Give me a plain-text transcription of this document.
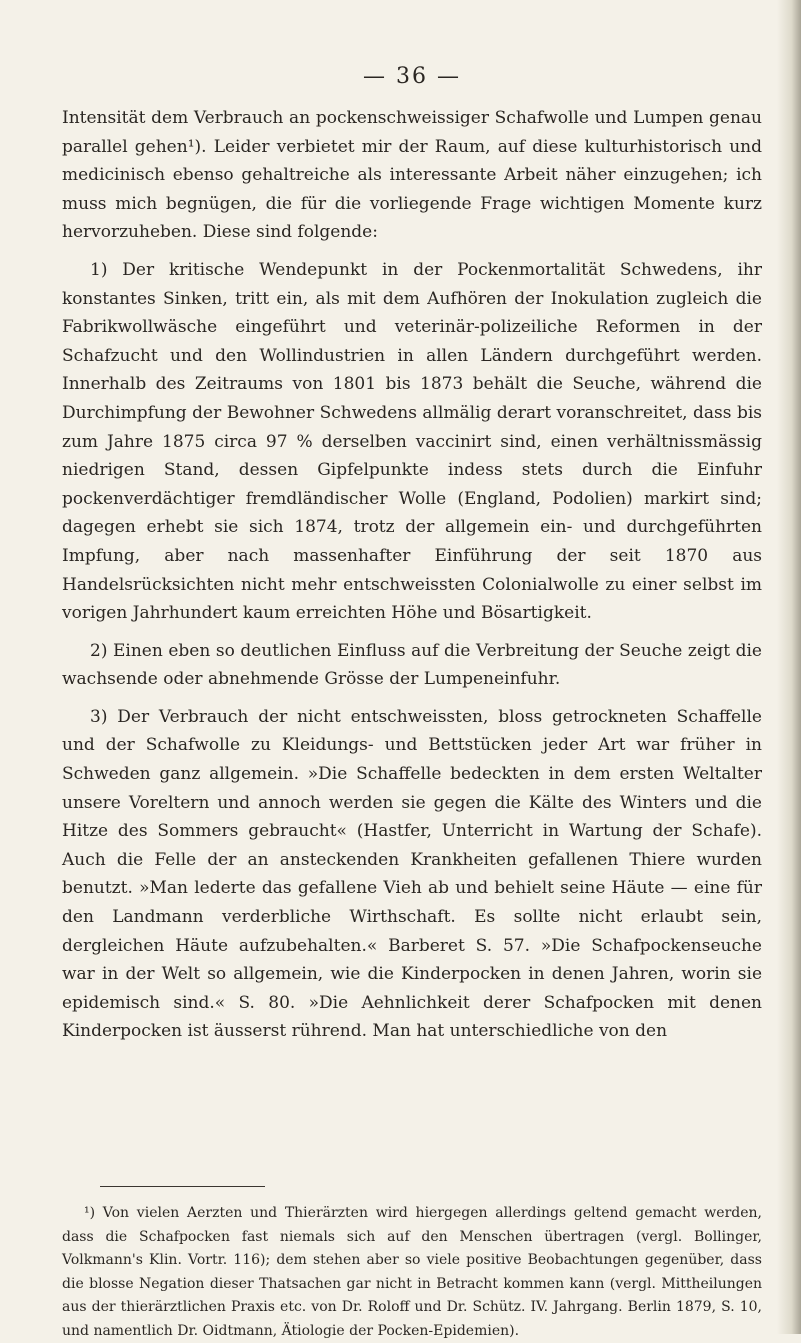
— 36 —

Intensität dem Verbrauch an pockenschweissiger Schafwolle und Lumpen genau parallel gehen¹). Leider verbietet mir der Raum, auf diese kulturhistorisch und medicinisch ebenso gehaltreiche als interessante Arbeit näher einzugehen; ich muss mich begnügen, die für die vorliegende Frage wichtigen Momente kurz hervorzuheben. Diese sind folgende:

1) Der kritische Wendepunkt in der Pockenmortalität Schwedens, ihr konstantes Sinken, tritt ein, als mit dem Aufhören der Inokulation zugleich die Fabrikwollwäsche eingeführt und veterinär-polizeiliche Reformen in der Schafzucht und den Wollindustrien in allen Ländern durchgeführt werden. Innerhalb des Zeitraums von 1801 bis 1873 behält die Seuche, während die Durchimpfung der Bewohner Schwedens allmälig derart voranschreitet, dass bis zum Jahre 1875 circa 97 % derselben vaccinirt sind, einen verhältnissmässig niedrigen Stand, dessen Gipfelpunkte indess stets durch die Einfuhr pockenverdächtiger fremdländischer Wolle (England, Podolien) markirt sind; dagegen erhebt sie sich 1874, trotz der allgemein ein- und durchgeführten Impfung, aber nach massenhafter Einführung der seit 1870 aus Handelsrücksichten nicht mehr entschweissten Colonialwolle zu einer selbst im vorigen Jahrhundert kaum erreichten Höhe und Bösartigkeit.

2) Einen eben so deutlichen Einfluss auf die Verbreitung der Seuche zeigt die wachsende oder abnehmende Grösse der Lumpeneinfuhr.

3) Der Verbrauch der nicht entschweissten, bloss getrockneten Schaffelle und der Schafwolle zu Kleidungs- und Bettstücken jeder Art war früher in Schweden ganz allgemein. »Die Schaffelle bedeckten in dem ersten Weltalter unsere Voreltern und annoch werden sie gegen die Kälte des Winters und die Hitze des Sommers gebraucht« (Hastfer, Unterricht in Wartung der Schafe). Auch die Felle der an ansteckenden Krankheiten gefallenen Thiere wurden benutzt. »Man lederte das gefallene Vieh ab und behielt seine Häute — eine für den Landmann verderbliche Wirthschaft. Es sollte nicht erlaubt sein, dergleichen Häute aufzubehalten.« Barberet S. 57. »Die Schafpockenseuche war in der Welt so allgemein, wie die Kinderpocken in denen Jahren, worin sie epidemisch sind.« S. 80. »Die Aehnlichkeit derer Schafpocken mit denen Kinderpocken ist äusserst rührend. Man hat unterschiedliche von den

¹) Von vielen Aerzten und Thierärzten wird hiergegen allerdings geltend gemacht werden, dass die Schafpocken fast niemals sich auf den Menschen übertragen (vergl. Bollinger, Volkmann's Klin. Vortr. 116); dem stehen aber so viele positive Beobachtungen gegenüber, dass die blosse Negation dieser Thatsachen gar nicht in Betracht kommen kann (vergl. Mittheilungen aus der thierärztlichen Praxis etc. von Dr. Roloff und Dr. Schütz. IV. Jahrgang. Berlin 1879, S. 10, und namentlich Dr. Oidtmann, Ätiologie der Pocken-Epidemien).
